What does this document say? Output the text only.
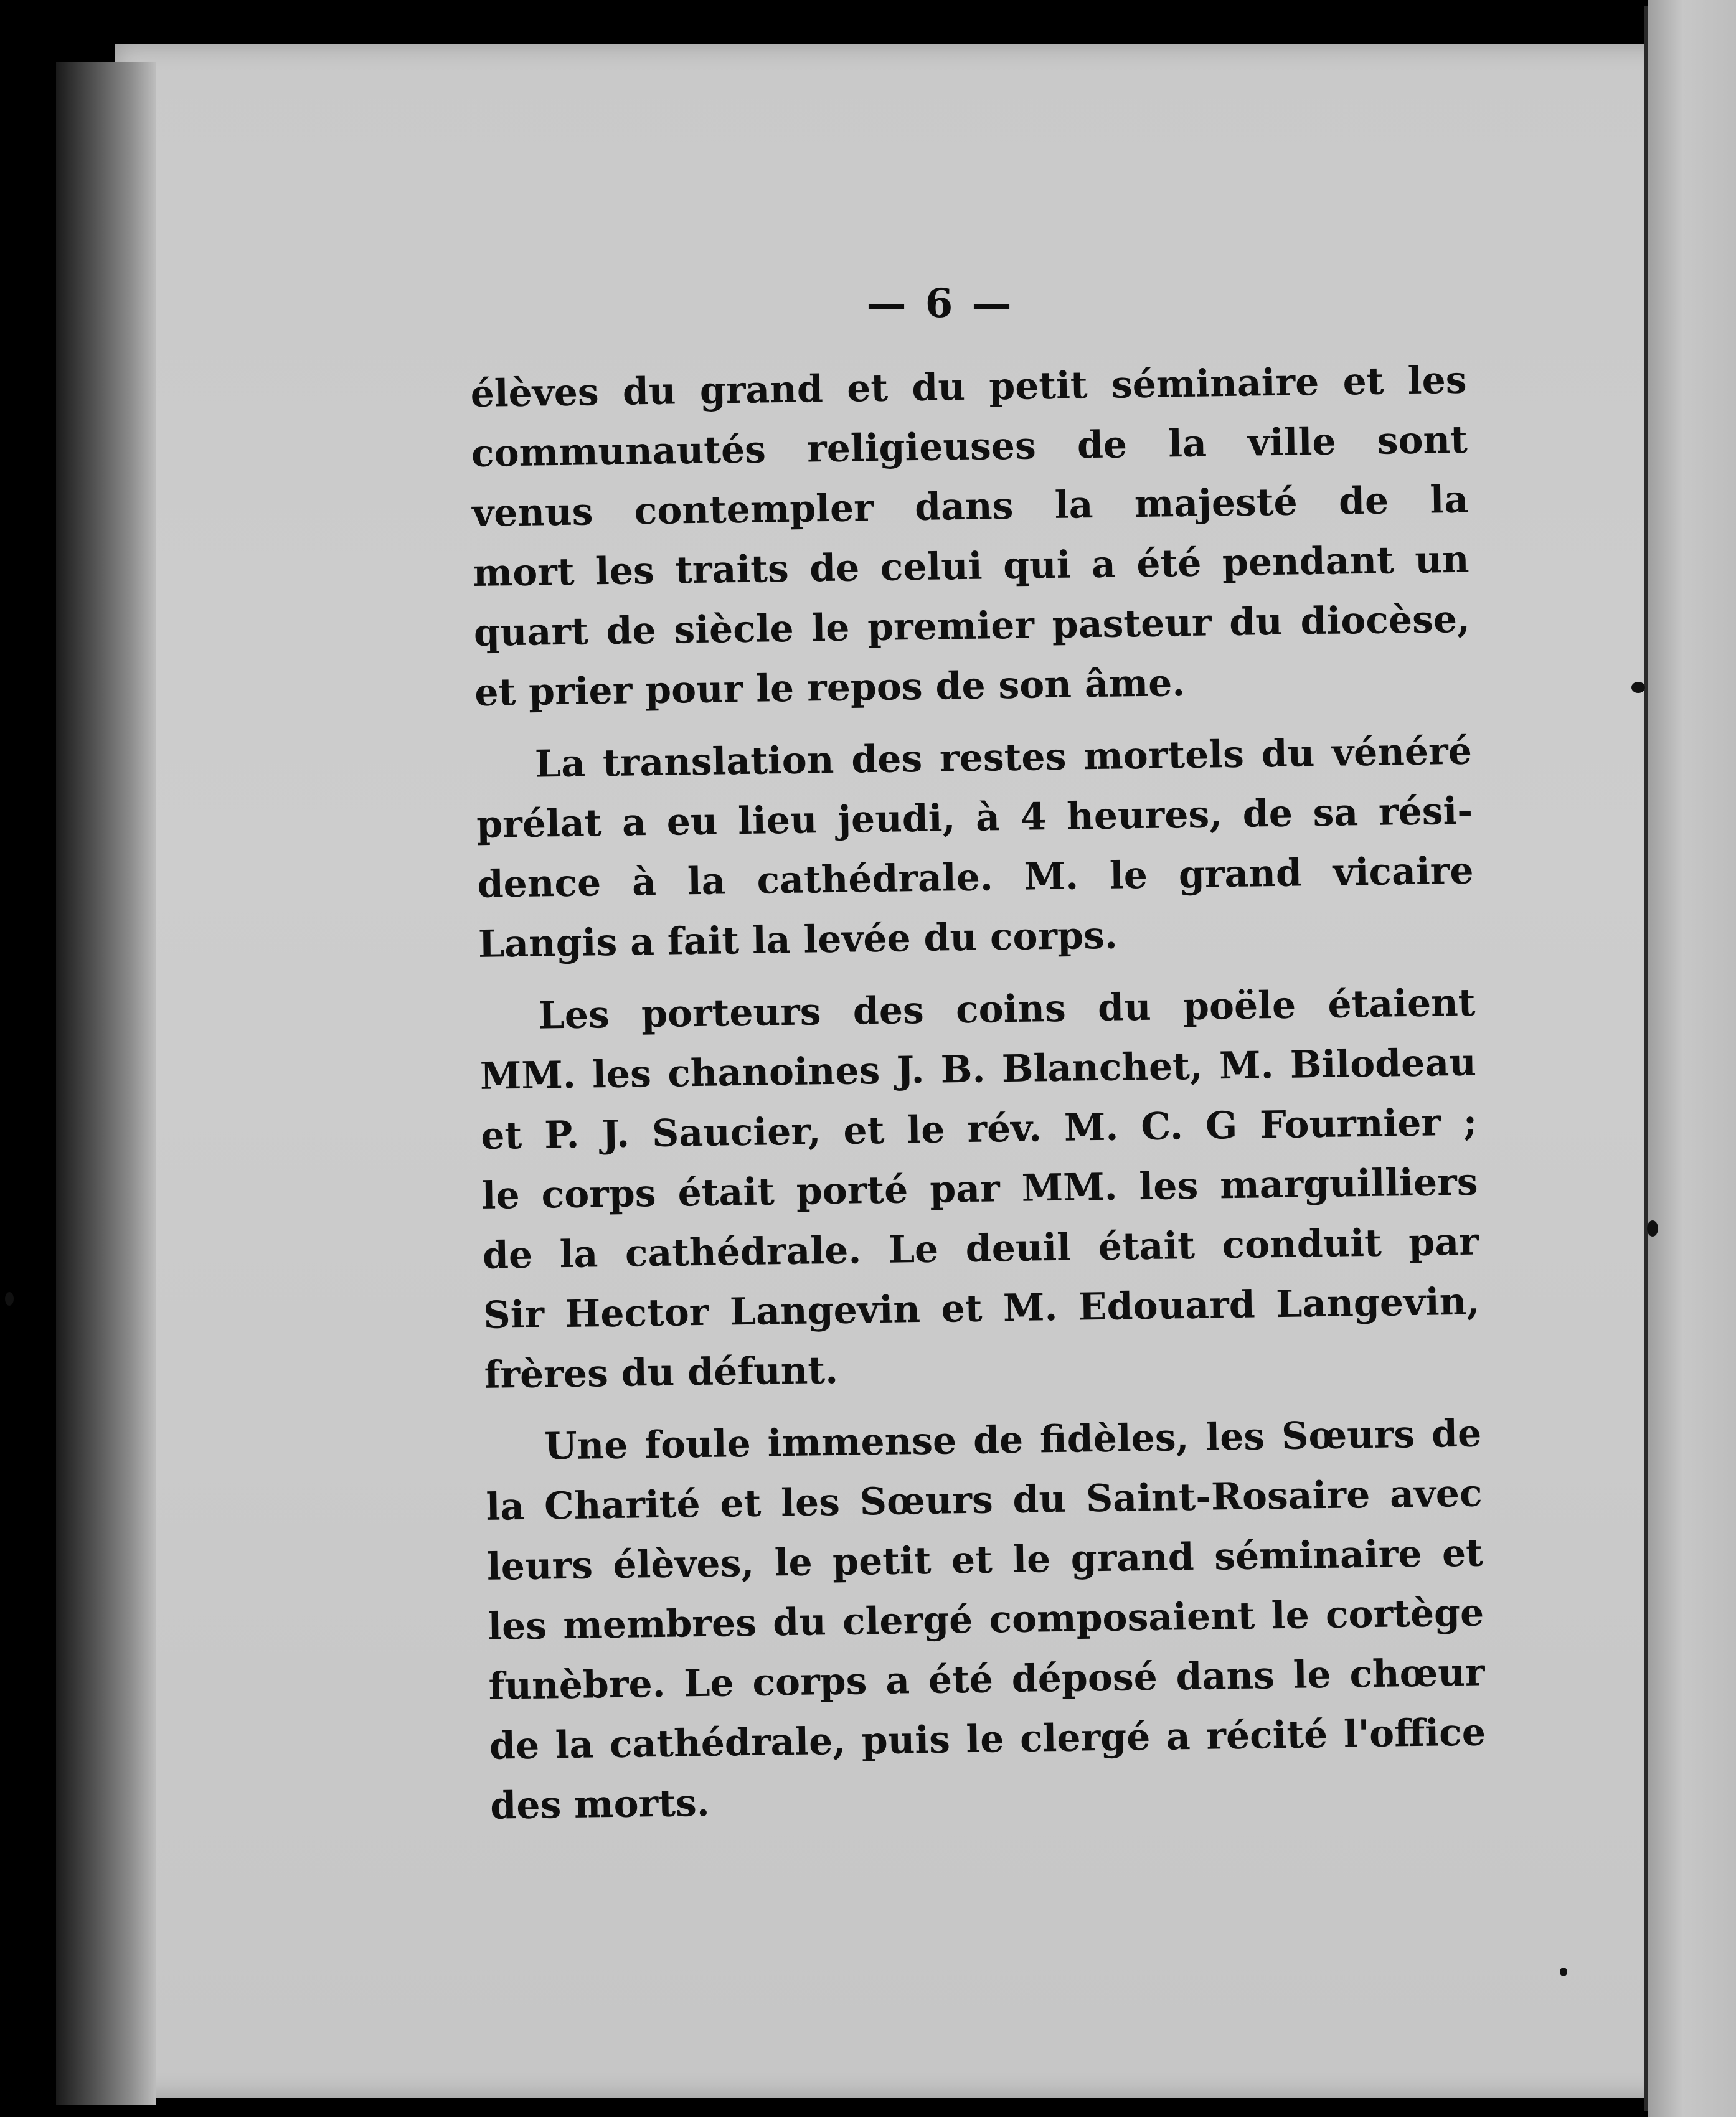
— 6 —
élèves du grand et du petit séminaire et les
communautés religieuses de la ville sont
venus contempler dans la majesté de la
mort les traits de celui qui a été pendant un
quart de siècle le premier pasteur du diocèse,
et prier pour le repos de son âme.
La translation des restes mortels du vénéré
prélat a eu lieu jeudi, à 4 heures, de sa rési-
dence à la cathédrale. M. le grand vicaire
Langis a fait la levée du corps.
Les porteurs des coins du poële étaient
MM. les chanoines J. B. Blanchet, M. Bilodeau
et P. J. Saucier, et le rév. M. C. G Fournier ;
le corps était porté par MM. les marguilliers
de la cathédrale. Le deuil était conduit par
Sir Hector Langevin et M. Edouard Langevin,
frères du défunt.
Une foule immense de fidèles, les Sœurs de
la Charité et les Sœurs du Saint-Rosaire avec
leurs élèves, le petit et le grand séminaire et
les membres du clergé composaient le cortège
funèbre. Le corps a été déposé dans le chœur
de la cathédrale, puis le clergé a récité l'office
des morts.
